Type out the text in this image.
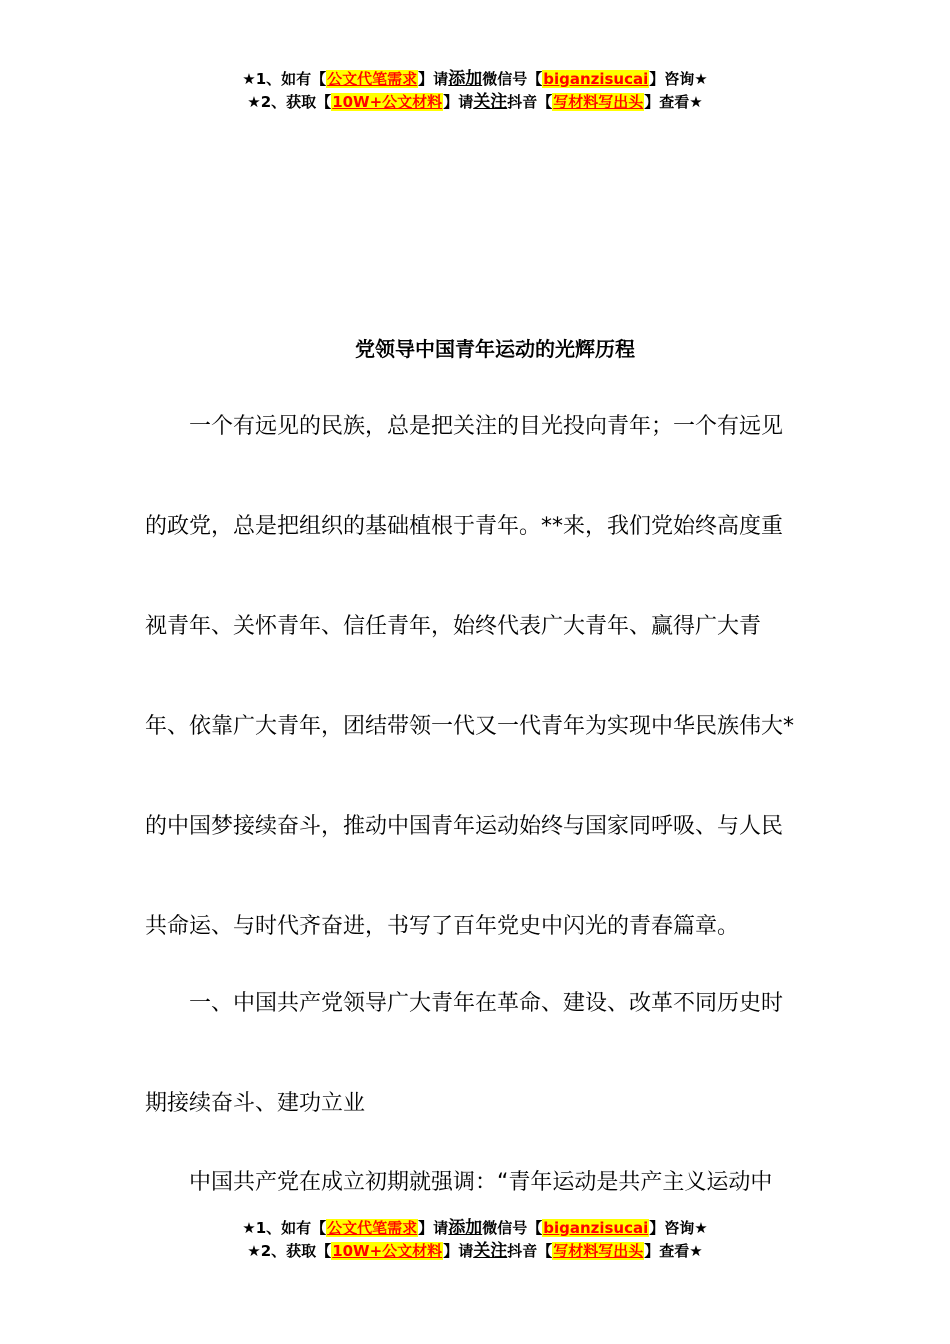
★1、如有【公文代笔需求】请添加微信号【biganzisucai】咨询★
★2、获取【10W+公文材料】请关注抖音【写材料写出头】查看★
党领导中国青年运动的光辉历程
一个有远见的民族，总是把关注的目光投向青年；一个有远见
的政党，总是把组织的基础植根于青年。**来，我们党始终高度重
视青年、关怀青年、信任青年，始终代表广大青年、赢得广大青
年、依靠广大青年，团结带领一代又一代青年为实现中华民族伟大*
的中国梦接续奋斗，推动中国青年运动始终与国家同呼吸、与人民
共命运、与时代齐奋进，书写了百年党史中闪光的青春篇章。
一、中国共产党领导广大青年在革命、建设、改革不同历史时
期接续奋斗、建功立业
中国共产党在成立初期就强调：“青年运动是共产主义运动中
★1、如有【公文代笔需求】请添加微信号【biganzisucai】咨询★
★2、获取【10W+公文材料】请关注抖音【写材料写出头】查看★
